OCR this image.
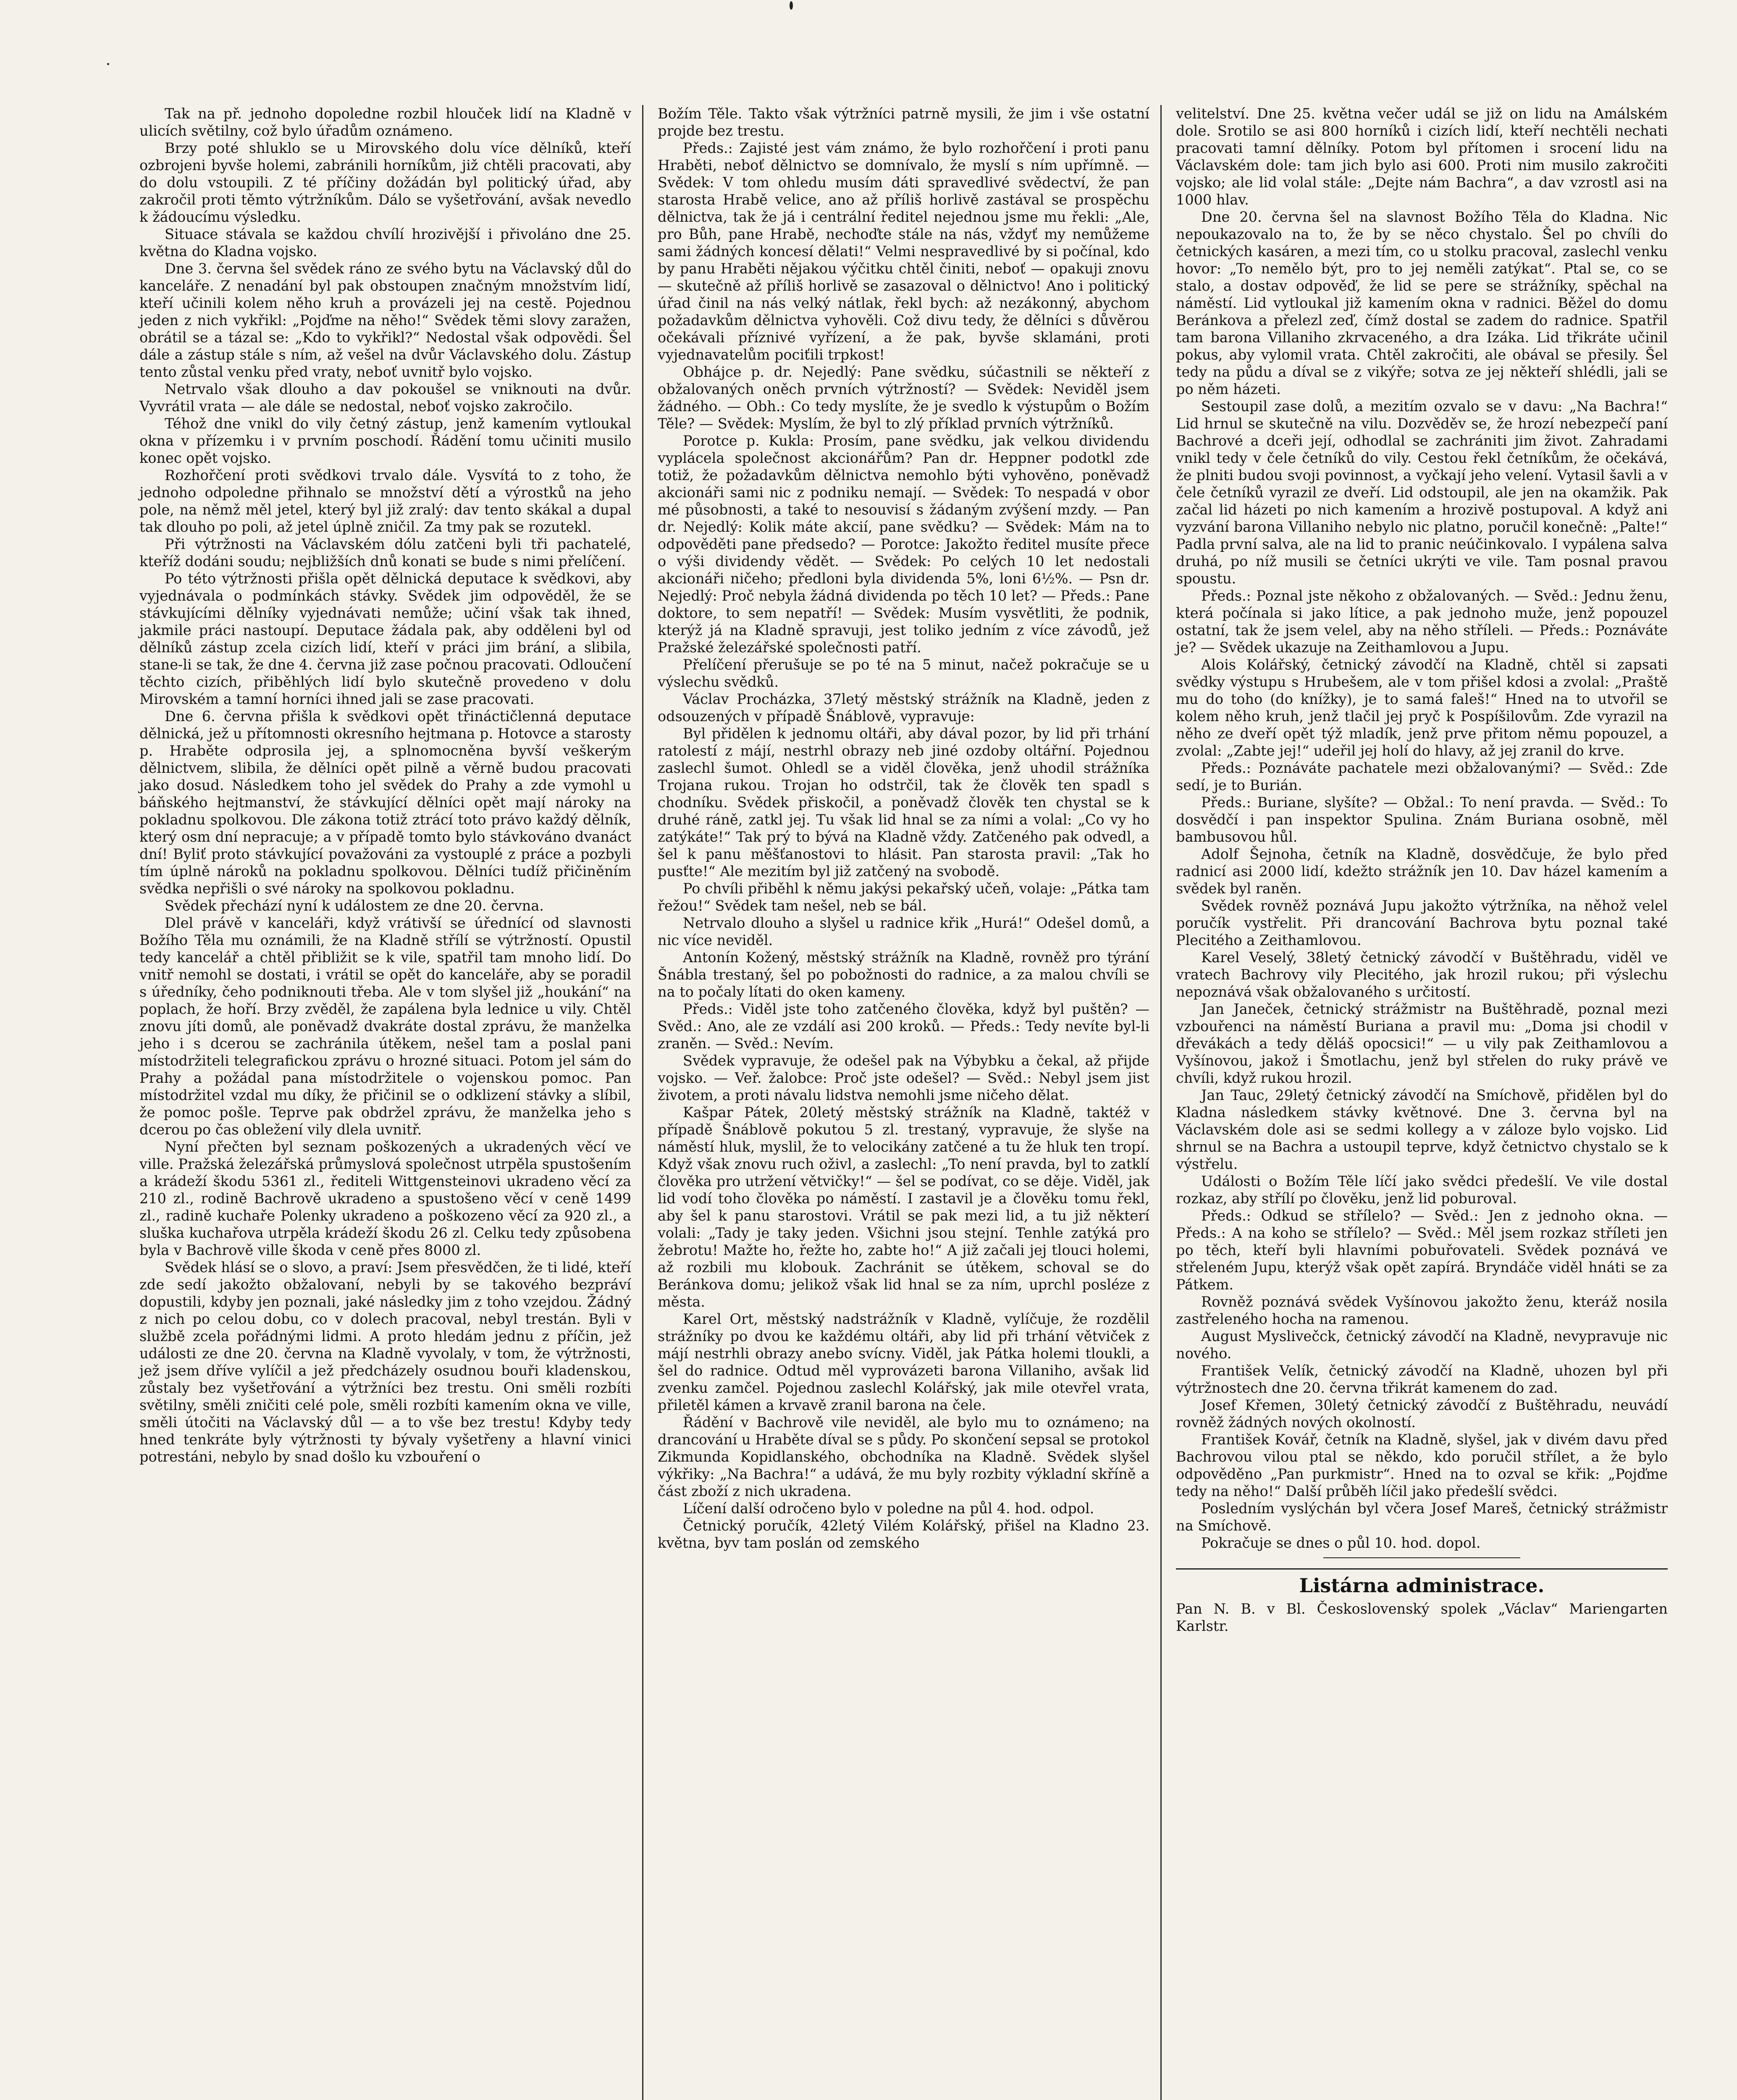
Tak na př. jednoho dopoledne rozbil hlouček lidí na Kladně v ulicích světilny, což bylo úřadům oznámeno.

Brzy poté shluklo se u Mirovského dolu více dělníků, kteří ozbrojeni byvše holemi, zabránili horníkům, již chtěli pracovati, aby do dolu vstoupili. Z té příčiny dožádán byl politický úřad, aby zakročil proti těmto výtržníkům. Dálo se vyšetřování, avšak nevedlo k žádoucímu výsledku.

Situace stávala se každou chvílí hrozivější i přivoláno dne 25. května do Kladna vojsko.

Dne 3. června šel svědek ráno ze svého bytu na Václavský důl do kanceláře. Z nenadání byl pak obstoupen značným množstvím lidí, kteří učinili kolem něho kruh a provázeli jej na cestě. Pojednou jeden z nich vykřikl: „Pojďme na něho!“ Svědek těmi slovy zaražen, obrátil se a tázal se: „Kdo to vykřikl?“ Nedostal však odpovědi. Šel dále a zástup stále s ním, až vešel na dvůr Václavského dolu. Zástup tento zůstal venku před vraty, neboť uvnitř bylo vojsko.

Netrvalo však dlouho a dav pokoušel se vniknouti na dvůr. Vyvrátil vrata — ale dále se nedostal, neboť vojsko zakročilo.

Téhož dne vnikl do vily četný zástup, jenž kamením vytloukal okna v přízemku i v prvním poschodí. Řádění tomu učiniti musilo konec opět vojsko.

Rozhořčení proti svědkovi trvalo dále. Vysvítá to z toho, že jednoho odpoledne přihnalo se množství dětí a výrostků na jeho pole, na němž měl jetel, který byl již zralý: dav tento skákal a dupal tak dlouho po poli, až jetel úplně zničil. Za tmy pak se rozutekl.

Při výtržnosti na Václavském dólu zatčeni byli tři pachatelé, kteříž dodáni soudu; nejbližších dnů konati se bude s nimi přelíčení.

Po této výtržnosti přišla opět dělnická deputace k svědkovi, aby vyjednávala o podmínkách stávky. Svědek jim odpověděl, že se stávkujícími dělníky vyjednávati nemůže; učiní však tak ihned, jakmile práci nastoupí. Deputace žádala pak, aby odděleni byl od dělníků zástup zcela cizích lidí, kteří v práci jim brání, a slibila, stane-li se tak, že dne 4. června již zase počnou pracovati. Odloučení těchto cizích, přiběhlých lidí bylo skutečně provedeno v dolu Mirovském a tamní horníci ihned jali se zase pracovati.

Dne 6. června přišla k svědkovi opět třináctičlenná deputace dělnická, jež u přítomnosti okresního hejtmana p. Hotovce a starosty p. Hraběte odprosila jej, a splnomocněna byvší veškerým dělnictvem, slibila, že dělníci opět pilně a věrně budou pracovati jako dosud. Následkem toho jel svědek do Prahy a zde vymohl u báňského hejtmanství, že stávkující dělníci opět mají nároky na pokladnu spolkovou. Dle zákona totiž ztrácí toto právo každý dělník, který osm dní nepracuje; a v případě tomto bylo stávkováno dvanáct dní! Byliť proto stávkující považováni za vystouplé z práce a pozbyli tím úplně nároků na pokladnu spolkovou. Dělníci tudíž přičiněním svědka nepřišli o své nároky na spolkovou pokladnu.

Svědek přechází nyní k událostem ze dne 20. června.

Dlel právě v kanceláři, když vrátivší se úřednící od slavnosti Božího Těla mu oznámili, že na Kladně střílí se výtržností. Opustil tedy kancelář a chtěl přibližit se k vile, spatřil tam mnoho lidí. Do vnitř nemohl se dostati, i vrátil se opět do kanceláře, aby se poradil s úředníky, čeho podniknouti třeba. Ale v tom slyšel již „houkání“ na poplach, že hoří. Brzy zvěděl, že zapálena byla lednice u vily. Chtěl znovu jíti domů, ale poněvadž dvakráte dostal zprávu, že manželka jeho i s dcerou se zachránila útěkem, nešel tam a poslal pani místodržiteli telegrafickou zprávu o hrozné situaci. Potom jel sám do Prahy a požádal pana místodržitele o vojenskou pomoc. Pan místodržitel vzdal mu díky, že přičinil se o odklizení stávky a slíbil, že pomoc pošle. Teprve pak obdržel zprávu, že manželka jeho s dcerou po čas obležení vily dlela uvnitř.

Nyní přečten byl seznam poškozených a ukradených věcí ve ville. Pražská železářská průmyslová společnost utrpěla spustošením a krádeží škodu 5361 zl., řediteli Wittgensteinovi ukradeno věcí za 210 zl., rodině Bachrově ukradeno a spustošeno věcí v ceně 1499 zl., radině kuchaře Polenky ukradeno a poškozeno věcí za 920 zl., a sluška kuchařova utrpěla krádeží škodu 26 zl. Celku tedy způsobena byla v Bachrově ville škoda v ceně přes 8000 zl.

Svědek hlásí se o slovo, a praví: Jsem přesvědčen, že ti lidé, kteří zde sedí jakožto obžalovaní, nebyli by se takového bezpráví dopustili, kdyby jen poznali, jaké následky jim z toho vzejdou. Žádný z nich po celou dobu, co v dolech pracoval, nebyl trestán. Byli v službě zcela pořádnými lidmi. A proto hledám jednu z příčin, jež události ze dne 20. června na Kladně vyvolaly, v tom, že výtržnosti, jež jsem dříve vylíčil a jež předcházely osudnou bouři kladenskou, zůstaly bez vyšetřování a výtržníci bez trestu. Oni směli rozbíti světilny, směli zničiti celé pole, směli rozbíti kamením okna ve ville, směli útočiti na Václavský důl — a to vše bez trestu! Kdyby tedy hned tenkráte byly výtržnosti ty bývaly vyšetřeny a hlavní vinici potrestáni, nebylo by snad došlo ku vzbouření o

Božím Těle. Takto však výtržníci patrně mysili, že jim i vše ostatní projde bez trestu.

Předs.: Zajisté jest vám známo, že bylo rozhořčení i proti panu Hraběti, neboť dělnictvo se domnívalo, že myslí s ním upřímně. — Svědek: V tom ohledu musím dáti spravedlivé svědectví, že pan starosta Hrabě velice, ano až příliš horlivě zastával se prospěchu dělnictva, tak že já i centrální ředitel nejednou jsme mu řekli: „Ale, pro Bůh, pane Hrabě, nechoďte stále na nás, vždyť my nemůžeme sami žádných koncesí dělati!“ Velmi nespravedlivé by si počínal, kdo by panu Hraběti nějakou výčitku chtěl činiti, neboť — opakuji znovu — skutečně až příliš horlivě se zasazoval o dělnictvo! Ano i politický úřad činil na nás velký nátlak, řekl bych: až nezákonný, abychom požadavkům dělnictva vyhověli. Což divu tedy, že dělníci s důvěrou očekávali příznivé vyřízení, a že pak, byvše sklamáni, proti vyjednavatelům pociťili trpkost!

Obhájce p. dr. Nejedlý: Pane svědku, súčastnili se někteří z obžalovaných oněch prvních výtržností? — Svědek: Neviděl jsem žádného. — Obh.: Co tedy myslíte, že je svedlo k výstupům o Božím Těle? — Svědek: Myslím, že byl to zlý příklad prvních výtržníků.

Porotce p. Kukla: Prosím, pane svědku, jak velkou dividendu vyplácela společnost akcionářům? Pan dr. Heppner podotkl zde totiž, že požadavkům dělnictva nemohlo býti vyhověno, poněvadž akcionáři sami nic z podniku nemají. — Svědek: To nespadá v obor mé působnosti, a také to nesouvisí s žádaným zvýšení mzdy. — Pan dr. Nejedlý: Kolik máte akcií, pane svědku? — Svědek: Mám na to odpověděti pane předsedo? — Porotce: Jakožto ředitel musíte přece o výši dividendy vědět. — Svědek: Po celých 10 let nedostali akcionáři ničeho; předloni byla dividenda 5%, loni 6½%. — Psn dr. Nejedlý: Proč nebyla žádná dividenda po těch 10 let? — Předs.: Pane doktore, to sem nepatří! — Svědek: Musím vysvětliti, že podnik, kterýž já na Kladně spravuji, jest toliko jedním z více závodů, jež Pražské železářské společnosti patří.

Přelíčení přerušuje se po té na 5 minut, načež pokračuje se u výslechu svědků.

Václav Procházka, 37letý městský strážník na Kladně, jeden z odsouzených v případě Šnáblově, vypravuje:

Byl přidělen k jednomu oltáři, aby dával pozor, by lid při trhání ratolestí z májí, nestrhl obrazy neb jiné ozdoby oltářní. Pojednou zaslechl šumot. Ohledl se a viděl člověka, jenž uhodil strážníka Trojana rukou. Trojan ho odstrčil, tak že člověk ten spadl s chodníku. Svědek přiskočil, a poněvadž člověk ten chystal se k druhé ráně, zatkl jej. Tu však lid hnal se za ními a volal: „Co vy ho zatýkáte!“ Tak prý to bývá na Kladně vždy. Zatčeného pak odvedl, a šel k panu měšťanostovi to hlásit. Pan starosta pravil: „Tak ho pusťte!“ Ale mezitím byl již zatčený na svobodě.

Po chvíli přiběhl k němu jakýsi pekařský učeň, volaje: „Pátka tam řežou!“ Svědek tam nešel, neb se bál.

Netrvalo dlouho a slyšel u radnice křik „Hurá!“ Odešel domů, a nic více neviděl.

Antonín Kožený, městský strážník na Kladně, rovněž pro týrání Šnábla trestaný, šel po pobožnosti do radnice, a za malou chvíli se na to počaly lítati do oken kameny.

Předs.: Viděl jste toho zatčeného člověka, když byl puštěn? — Svěd.: Ano, ale ze vzdálí asi 200 kroků. — Předs.: Tedy nevíte byl-li zraněn. — Svěd.: Nevím.

Svědek vypravuje, že odešel pak na Výbybku a čekal, až přijde vojsko. — Veř. žalobce: Proč jste odešel? — Svěd.: Nebyl jsem jist životem, a proti návalu lidstva nemohli jsme ničeho dělat.

Kašpar Pátek, 20letý městský strážník na Kladně, taktéž v případě Šnáblově pokutou 5 zl. trestaný, vypravuje, že slyše na náměstí hluk, myslil, že to velocikány zatčené a tu že hluk ten tropí. Když však znovu ruch oživl, a zaslechl: „To není pravda, byl to zatklí člověka pro utržení větvičky!“ — šel se podívat, co se děje. Viděl, jak lid vodí toho člověka po náměstí. I zastavil je a člověku tomu řekl, aby šel k panu starostovi. Vrátil se pak mezi lid, a tu již některí volali: „Tady je taky jeden. Všichni jsou stejní. Tenhle zatýká pro žebrotu! Mažte ho, řežte ho, zabte ho!“ A již začali jej tlouci holemi, až rozbili mu klobouk. Zachránit se útěkem, schoval se do Beránkova domu; jelikož však lid hnal se za ním, uprchl posléze z města.

Karel Ort, městský nadstrážník v Kladně, vylíčuje, že rozdělil strážníky po dvou ke každému oltáři, aby lid při trhání větviček z májí nestrhli obrazy anebo svícny. Viděl, jak Pátka holemi tloukli, a šel do radnice. Odtud měl vyprovázeti barona Villaniho, avšak lid zvenku zamčel. Pojednou zaslechl Kolářský, jak mile otevřel vrata, přiletěl kámen a krvavě zranil barona na čele.

Řádění v Bachrově vile neviděl, ale bylo mu to oznámeno; na drancování u Hraběte díval se s půdy. Po skončení sepsal se protokol Zikmunda Kopidlanského, obchodníka na Kladně. Svědek slyšel výkřiky: „Na Bachra!“ a udává, že mu byly rozbity výkladní skříně a část zboží z nich ukradena.

Líčení další odročeno bylo v poledne na půl 4. hod. odpol.

Četnický poručík, 42letý Vilém Kolářský, přišel na Kladno 23. května, byv tam poslán od zemského

velitelství. Dne 25. května večer udál se již on lidu na Amálském dole. Srotilo se asi 800 horníků i cizích lidí, kteří nechtěli nechati pracovati tamní dělníky. Potom byl přítomen i srocení lidu na Václavském dole: tam jich bylo asi 600. Proti nim musilo zakročiti vojsko; ale lid volal stále: „Dejte nám Bachra“, a dav vzrostl asi na 1000 hlav.

Dne 20. června šel na slavnost Božího Těla do Kladna. Nic nepoukazovalo na to, že by se něco chystalo. Šel po chvíli do četnických kasáren, a mezi tím, co u stolku pracoval, zaslechl venku hovor: „To nemělo být, pro to jej neměli zatýkat“. Ptal se, co se stalo, a dostav odpověď, že lid se pere se strážníky, spěchal na náměstí. Lid vytloukal již kamením okna v radnici. Běžel do domu Beránkova a přelezl zeď, čímž dostal se zadem do radnice. Spatřil tam barona Villaniho zkrvaceného, a dra Izáka. Lid třikráte učinil pokus, aby vylomil vrata. Chtěl zakročiti, ale obával se přesily. Šel tedy na půdu a díval se z vikýře; sotva ze jej někteří shlédli, jali se po něm házeti.

Sestoupil zase dolů, a mezitím ozvalo se v davu: „Na Bachra!“ Lid hrnul se skutečně na vilu. Dozvěděv se, že hrozí nebezpečí paní Bachrové a dceři její, odhodlal se zachrániti jim život. Zahradami vnikl tedy v čele četníků do vily. Cestou řekl četníkům, že očekává, že plniti budou svoji povinnost, a vyčkají jeho velení. Vytasil šavli a v čele četníků vyrazil ze dveří. Lid odstoupil, ale jen na okamžik. Pak začal lid házeti po nich kamením a hrozivě postupoval. A když ani vyzvání barona Villaniho nebylo nic platno, poručil konečně: „Palte!“ Padla první salva, ale na lid to pranic neúčinkovalo. I vypálena salva druhá, po níž musili se četníci ukrýti ve vile. Tam posnal pravou spoustu.

Předs.: Poznal jste někoho z obžalovaných. — Svěd.: Jednu ženu, která počínala si jako lítice, a pak jednoho muže, jenž popouzel ostatní, tak že jsem velel, aby na něho stříleli. — Předs.: Poznáváte je? — Svědek ukazuje na Zeithamlovou a Jupu.

Alois Kolářský, četnický závodčí na Kladně, chtěl si zapsati svědky výstupu s Hrubešem, ale v tom přišel kdosi a zvolal: „Praště mu do toho (do knížky), je to samá faleš!“ Hned na to utvořil se kolem něho kruh, jenž tlačil jej pryč k Pospíšilovům. Zde vyrazil na něho ze dveří opět týž mladík, jenž prve přitom němu popouzel, a zvolal: „Zabte jej!“ udeřil jej holí do hlavy, až jej zranil do krve.

Předs.: Poznáváte pachatele mezi obžalovanými? — Svěd.: Zde sedí, je to Burián.

Předs.: Buriane, slyšíte? — Obžal.: To není pravda. — Svěd.: To dosvědčí i pan inspektor Spulina. Znám Buriana osobně, měl bambusovou hůl.

Adolf Šejnoha, četník na Kladně, dosvědčuje, že bylo před radnicí asi 2000 lidí, kdežto strážník jen 10. Dav házel kamením a svědek byl raněn.

Svědek rovněž poznává Jupu jakožto výtržníka, na něhož velel poručík vystřelit. Při drancování Bachrova bytu poznal také Plecitého a Zeithamlovou.

Karel Veselý, 38letý četnický závodčí v Buštěhradu, viděl ve vratech Bachrovy vily Plecitého, jak hrozil rukou; při výslechu nepoznává však obžalovaného s určitostí.

Jan Janeček, četnický strážmistr na Buštěhradě, poznal mezi vzbouřenci na náměstí Buriana a pravil mu: „Doma jsi chodil v dřevákách a tedy děláš opocsici!“ — u vily pak Zeithamlovou a Vyšínovou, jakož i Šmotlachu, jenž byl střelen do ruky právě ve chvíli, když rukou hrozil.

Jan Tauc, 29letý četnický závodčí na Smíchově, přidělen byl do Kladna následkem stávky květnové. Dne 3. června byl na Václavském dole asi se sedmi kollegy a v záloze bylo vojsko. Lid shrnul se na Bachra a ustoupil teprve, když četnictvo chystalo se k výstřelu.

Události o Božím Těle líčí jako svědci předešlí. Ve vile dostal rozkaz, aby střílí po člověku, jenž lid poburoval.

Předs.: Odkud se střílelo? — Svěd.: Jen z jednoho okna. — Předs.: A na koho se střílelo? — Svěd.: Měl jsem rozkaz stříleti jen po těch, kteří byli hlavními pobuřovateli. Svědek poznává ve střeleném Jupu, kterýž však opět zapírá. Bryndáče viděl hnáti se za Pátkem.

Rovněž poznává svědek Vyšínovou jakožto ženu, kteráž nosila zastřeleného hocha na ramenou.

August Myslivečck, četnický závodčí na Kladně, nevypravuje nic nového.

František Velík, četnický závodčí na Kladně, uhozen byl při výtržnostech dne 20. června třikrát kamenem do zad.

Josef Křemen, 30letý četnický závodčí z Buštěhradu, neuvádí rovněž žádných nových okolností.

František Kovář, četník na Kladně, slyšel, jak v divém davu před Bachrovou vilou ptal se někdo, kdo poručil střílet, a že bylo odpověděno „Pan purkmistr“. Hned na to ozval se křik: „Pojďme tedy na něho!“ Další průběh líčil jako předešlí svědci.

Posledním vyslýchán byl včera Josef Mareš, četnický strážmistr na Smíchově.

Pokračuje se dnes o půl 10. hod. dopol.

Listárna administrace.

Pan N. B. v Bl. Československý spolek „Václav“ Mariengarten Karlstr.
